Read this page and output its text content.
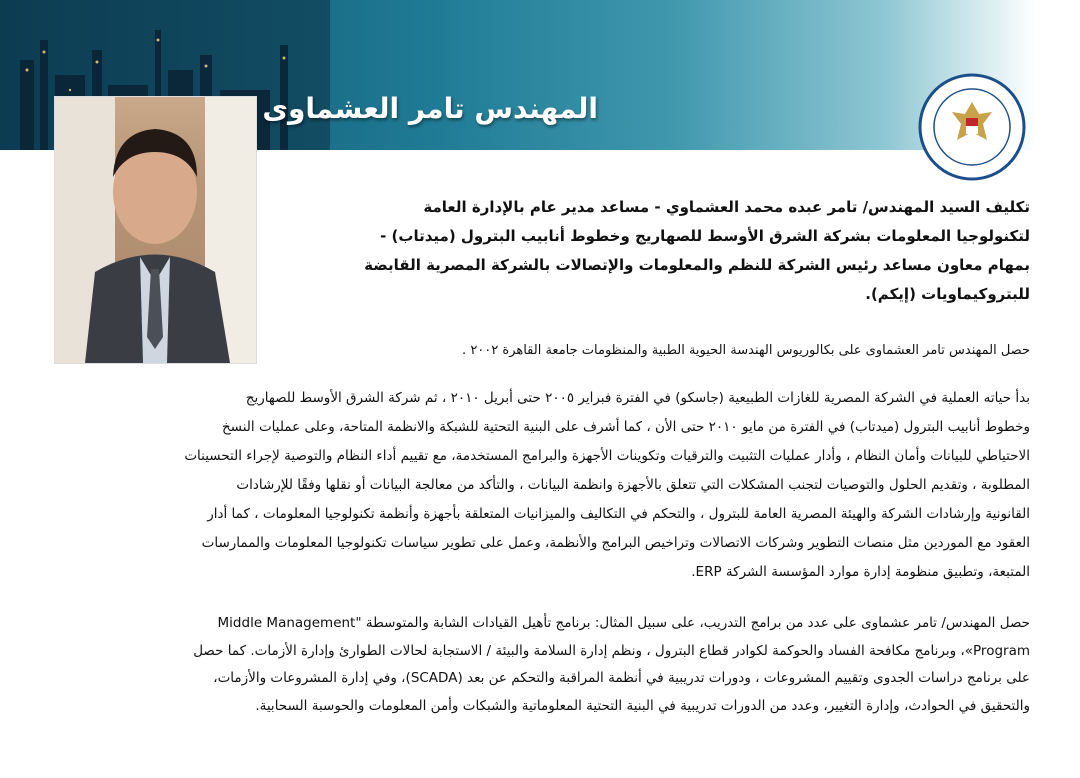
المهندس تامر العشماوى
تكليف السيد المهندس/ تامر عبده محمد العشماوي - مساعد مدير عام بالإدارة العامة
لتكنولوجيا المعلومات بشركة الشرق الأوسط للصهاريج وخطوط أنابيب البترول (ميدتاب) -
بمهام معاون مساعد رئيس الشركة للنظم والمعلومات والإتصالات بالشركة المصرية القابضة
للبتروكيماويات (إيكم).
حصل المهندس تامر العشماوى على بكالوريوس الهندسة الحيوية الطبية والمنظومات جامعة القاهرة ٢٠٠٢ .
بدأ حياته العملية في الشركة المصرية للغازات الطبيعية (جاسكو) في الفترة فبراير ٢٠٠٥ حتى أبريل ٢٠١٠ ، ثم شركة الشرق الأوسط للصهاريج
وخطوط أنابيب البترول (ميدتاب) في الفترة من مايو ٢٠١٠ حتى الأن ، كما أشرف على البنية التحتية للشبكة والانظمة المتاحة، وعلى عمليات النسخ
الاحتياطي للبيانات وأمان النظام ، وأدار عمليات التثبيت والترقيات وتكوينات الأجهزة والبرامج المستخدمة، مع تقييم أداء النظام والتوصية لإجراء التحسينات
المطلوبة ، وتقديم الحلول والتوصيات لتجنب المشكلات التي تتعلق بالأجهزة وانظمة البيانات ، والتأكد من معالجة البيانات أو نقلها وفقًا للإرشادات
القانونية وإرشادات الشركة والهيئة المصرية العامة للبترول ، والتحكم في التكاليف والميزانيات المتعلقة بأجهزة وأنظمة تكنولوجيا المعلومات ، كما أدار
العقود مع الموردين مثل منصات التطوير وشركات الاتصالات وتراخيص البرامج والأنظمة، وعمل على تطوير سياسات تكنولوجيا المعلومات والممارسات
المتبعة، وتطبيق منظومة إدارة موارد المؤسسة الشركة ERP.
حصل المهندس/ تامر عشماوى على عدد من برامج التدريب، على سبيل المثال: برنامج تأهيل القيادات الشابة والمتوسطة "Middle Management
Program»، وبرنامج مكافحة الفساد والحوكمة لكوادر قطاع البترول ، ونظم إدارة السلامة والبيئة / الاستجابة لحالات الطوارئ وإدارة الأزمات. كما حصل
على برنامج دراسات الجدوى وتقييم المشروعات ، ودورات تدريبية في أنظمة المراقبة والتحكم عن بعد (SCADA)، وفي إدارة المشروعات والأزمات،
والتحقيق في الحوادث، وإدارة التغيير، وعدد من الدورات تدريبية في البنية التحتية المعلوماتية والشبكات وأمن المعلومات والحوسبة السحابية.
